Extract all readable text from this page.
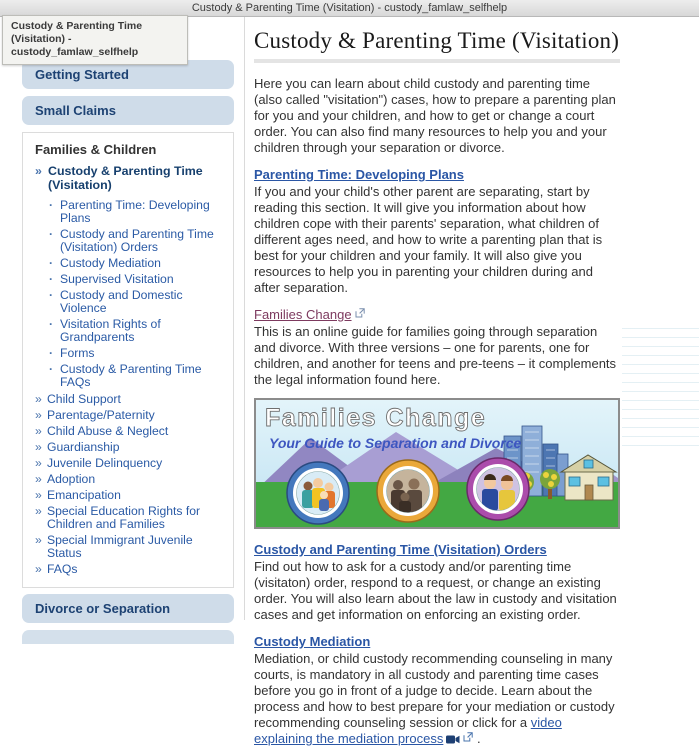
Custody & Parenting Time (Visitation) - custody_famlaw_selfhelp
Custody & Parenting Time (Visitation) -
custody_famlaw_selfhelp
Getting Started
Small Claims
Families & Children
» Custody & Parenting Time (Visitation)
· Parenting Time: Developing Plans
· Custody and Parenting Time (Visitation) Orders
· Custody Mediation
· Supervised Visitation
· Custody and Domestic Violence
· Visitation Rights of Grandparents
· Forms
· Custody & Parenting Time FAQs
» Child Support
» Parentage/Paternity
» Child Abuse & Neglect
» Guardianship
» Juvenile Delinquency
» Adoption
» Emancipation
» Special Education Rights for Children and Families
» Special Immigrant Juvenile Status
» FAQs
Divorce or Separation
Custody & Parenting Time (Visitation)

Here you can learn about child custody and parenting time (also called "visitation") cases, how to prepare a parenting plan for you and your children, and how to get or change a court order. You can also find many resources to help you and your children through your separation or divorce.

Parenting Time: Developing Plans

If you and your child's other parent are separating, start by reading this section. It will give you information about how children cope with their parents' separation, what children of different ages need, and how to write a parenting plan that is best for your children and your family. It will also give you resources to help you in parenting your children during and after separation.

Families Change

This is an online guide for families going through separation and divorce. With three versions – one for parents, one for children, and another for teens and pre-teens – it complements the legal information found here.

Families Change
Your Guide to Separation and Divorce
Custody and Parenting Time (Visitation) Orders

Find out how to ask for a custody and/or parenting time (visitaton) order, respond to a request, or change an existing order. You will also learn about the law in custody and visitation cases and get information on enforcing an existing order.

Custody Mediation

Mediation, or child custody recommending counseling in many courts, is mandatory in all custody and parenting time cases before you go in front of a judge to decide. Learn about the process and how to best prepare for your mediation or custody recommending counseling session or click for a video explaining the mediation process .
